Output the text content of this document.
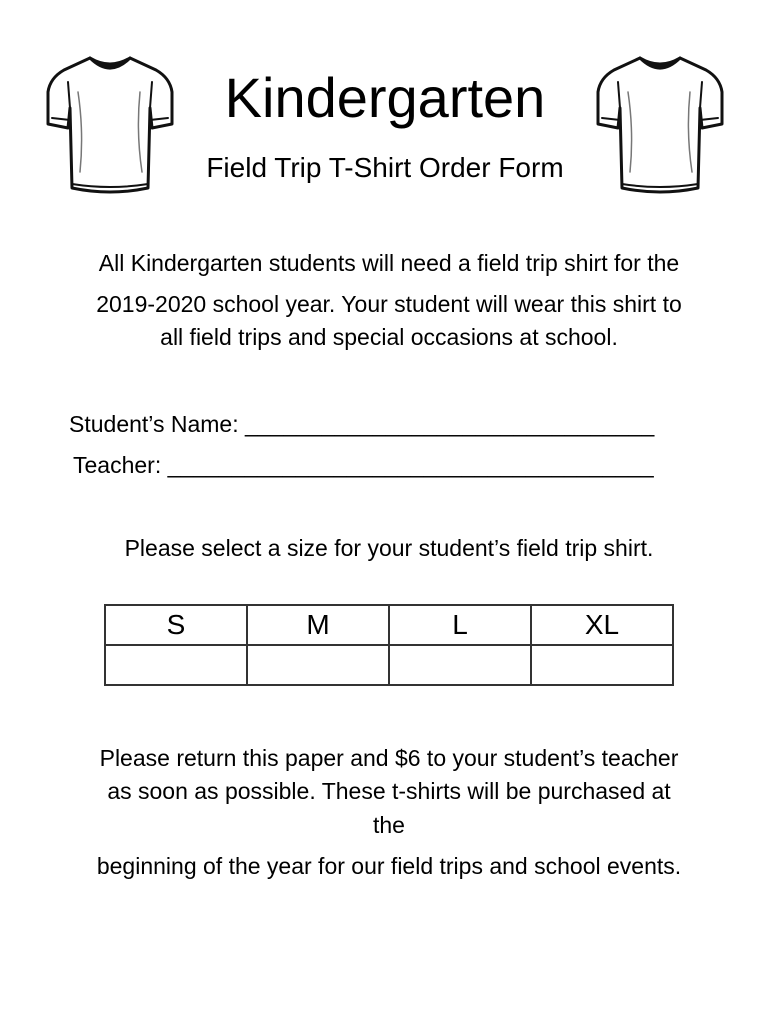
Kindergarten
Field Trip T-Shirt Order Form
All Kindergarten students will need a field trip shirt for the
2019-2020 school year. Your student will wear this shirt to
all field trips and special occasions at school.
Student’s Name: ________________________________
Teacher: ______________________________________
Please select a size for your student’s field trip shirt.
S	M	L	XL

Please return this paper and $6 to your student’s teacher
as soon as possible. These t-shirts will be purchased at
the
beginning of the year for our field trips and school events.
